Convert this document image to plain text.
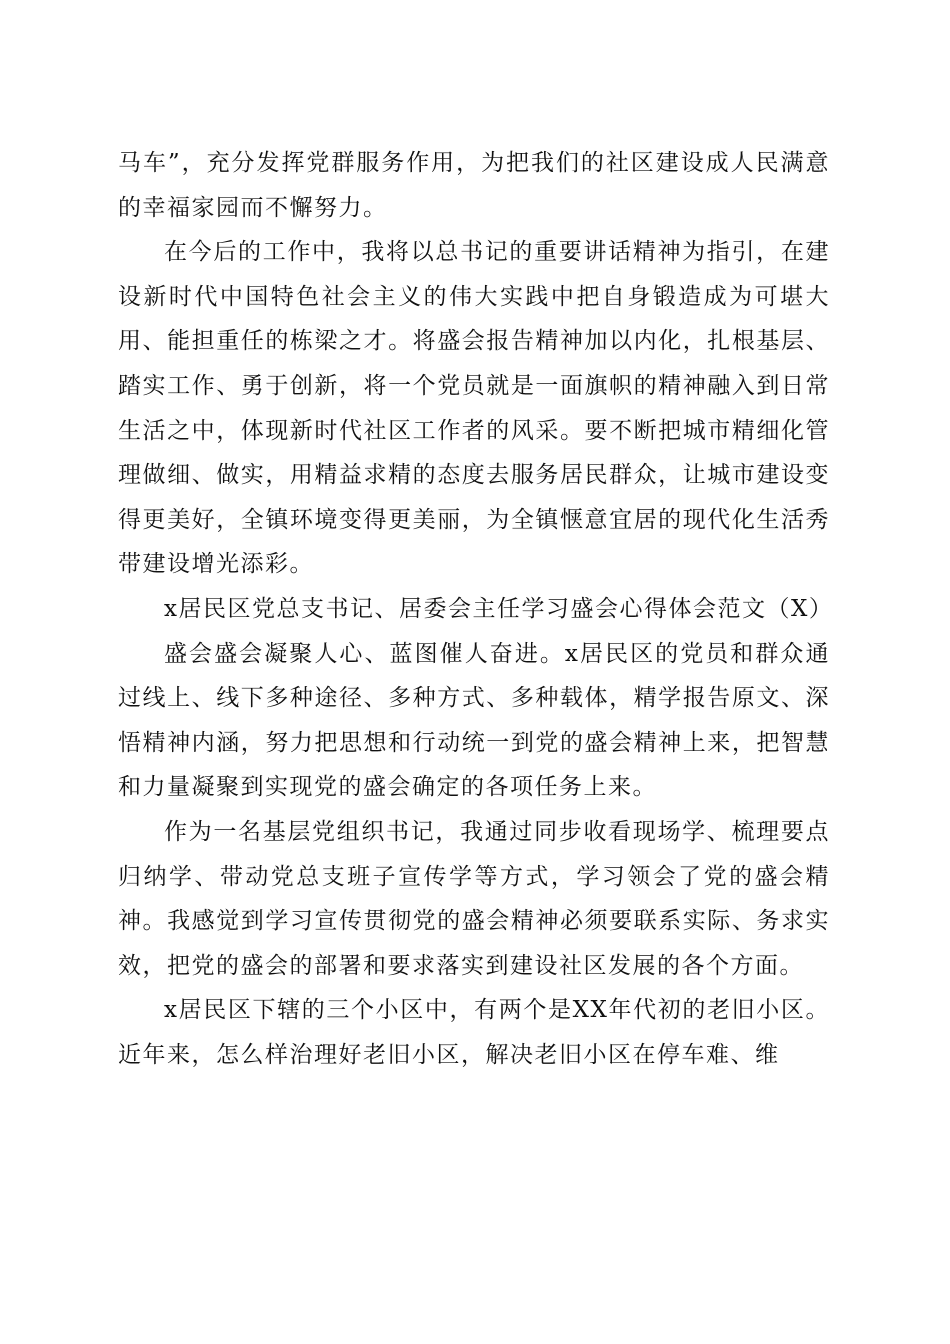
马车”，充分发挥党群服务作用，为把我们的社区建设成人民满意的幸福家园而不懈努力。

在今后的工作中，我将以总书记的重要讲话精神为指引，在建设新时代中国特色社会主义的伟大实践中把自身锻造成为可堪大用、能担重任的栋梁之才。将盛会报告精神加以内化，扎根基层、踏实工作、勇于创新，将一个党员就是一面旗帜的精神融入到日常生活之中，体现新时代社区工作者的风采。要不断把城市精细化管理做细、做实，用精益求精的态度去服务居民群众，让城市建设变得更美好，全镇环境变得更美丽，为全镇惬意宜居的现代化生活秀带建设增光添彩。

x居民区党总支书记、居委会主任学习盛会心得体会范文（X）

盛会盛会凝聚人心、蓝图催人奋进。x居民区的党员和群众通过线上、线下多种途径、多种方式、多种载体，精学报告原文、深悟精神内涵，努力把思想和行动统一到党的盛会精神上来，把智慧和力量凝聚到实现党的盛会确定的各项任务上来。

作为一名基层党组织书记，我通过同步收看现场学、梳理要点归纳学、带动党总支班子宣传学等方式，学习领会了党的盛会精神。我感觉到学习宣传贯彻党的盛会精神必须要联系实际、务求实效，把党的盛会的部署和要求落实到建设社区发展的各个方面。

x居民区下辖的三个小区中，有两个是XX年代初的老旧小区。近年来，怎么样治理好老旧小区，解决老旧小区在停车难、维
